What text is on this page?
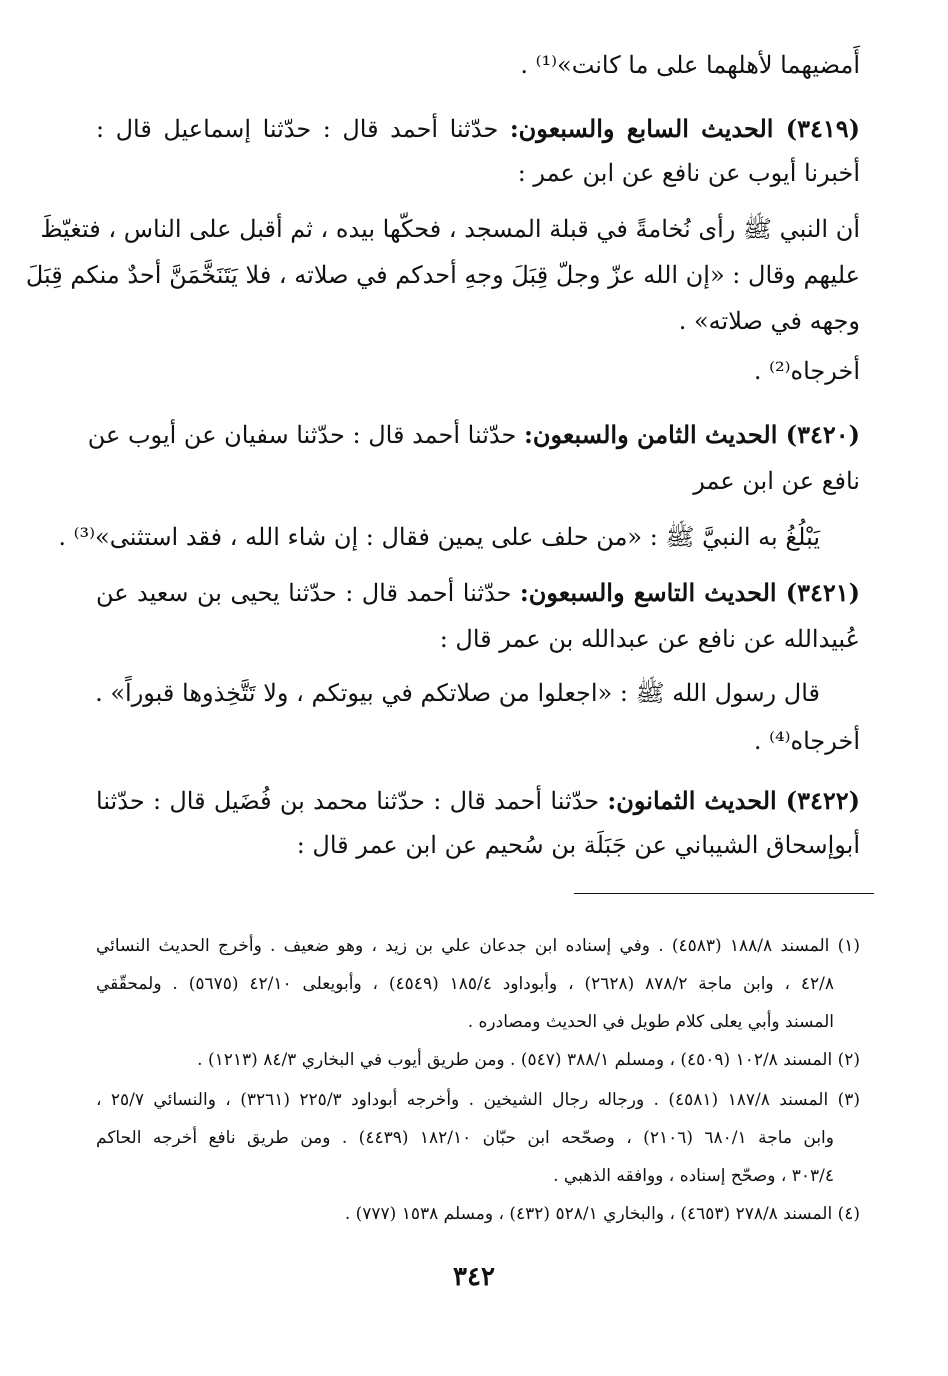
أَمضيهما لأهلهما على ما كانت»⁽¹⁾ .
(٣٤١٩) الحديث السابع والسبعون: حدّثنا أحمد قال : حدّثنا إسماعيل قال :
أخبرنا أيوب عن نافع عن ابن عمر :
أن النبي ﷺ رأى نُخامةً في قبلة المسجد ، فحكّها بيده ، ثم أقبل على الناس ، فتغيّظَ
عليهم وقال : «إن الله عزّ وجلّ قِبَلَ وجهِ أحدكم في صلاته ، فلا يَتَنَخَّمَنَّ أحدٌ منكم قِبَلَ
وجهه في صلاته» .
أخرجاه⁽²⁾ .
(٣٤٢٠) الحديث الثامن والسبعون: حدّثنا أحمد قال : حدّثنا سفيان عن أيوب عن
نافع عن ابن عمر
يَبْلُغُ به النبيَّ ﷺ : «من حلف على يمين فقال : إن شاء الله ، فقد استثنى»⁽³⁾ .
(٣٤٢١) الحديث التاسع والسبعون: حدّثنا أحمد قال : حدّثنا يحيى بن سعيد عن
عُبيدالله عن نافع عن عبدالله بن عمر قال :
قال رسول الله ﷺ : «اجعلوا من صلاتكم في بيوتكم ، ولا تَتَّخِذوها قبوراً» .
أخرجاه⁽⁴⁾ .
(٣٤٢٢) الحديث الثمانون: حدّثنا أحمد قال : حدّثنا محمد بن فُضَيل قال : حدّثنا
أبوإسحاق الشيباني عن جَبَلَة بن سُحيم عن ابن عمر قال :
(١) المسند ١٨٨/٨ (٤٥٨٣) . وفي إسناده ابن جدعان علي بن زيد ، وهو ضعيف . وأخرج الحديث النسائي
٤٢/٨ ، وابن ماجة ٨٧٨/٢ (٢٦٢٨) ، وأبوداود ١٨٥/٤ (٤٥٤٩) ، وأبويعلى ٤٢/١٠ (٥٦٧٥) . ولمحقّقي
المسند وأبي يعلى كلام طويل في الحديث ومصادره .
(٢) المسند ١٠٢/٨ (٤٥٠٩) ، ومسلم ٣٨٨/١ (٥٤٧) . ومن طريق أيوب في البخاري ٨٤/٣ (١٢١٣) .
(٣) المسند ١٨٧/٨ (٤٥٨١) . ورجاله رجال الشيخين . وأخرجه أبوداود ٢٢٥/٣ (٣٢٦١) ، والنسائي ٢٥/٧ ،
وابن ماجة ٦٨٠/١ (٢١٠٦) ، وصحّحه ابن حبّان ١٨٢/١٠ (٤٤٣٩) . ومن طريق نافع أخرجه الحاكم
٣٠٣/٤ ، وصحّح إسناده ، ووافقه الذهبي .
(٤) المسند ٢٧٨/٨ (٤٦٥٣) ، والبخاري ٥٢٨/١ (٤٣٢) ، ومسلم ١٥٣٨ (٧٧٧) .
٣٤٢
